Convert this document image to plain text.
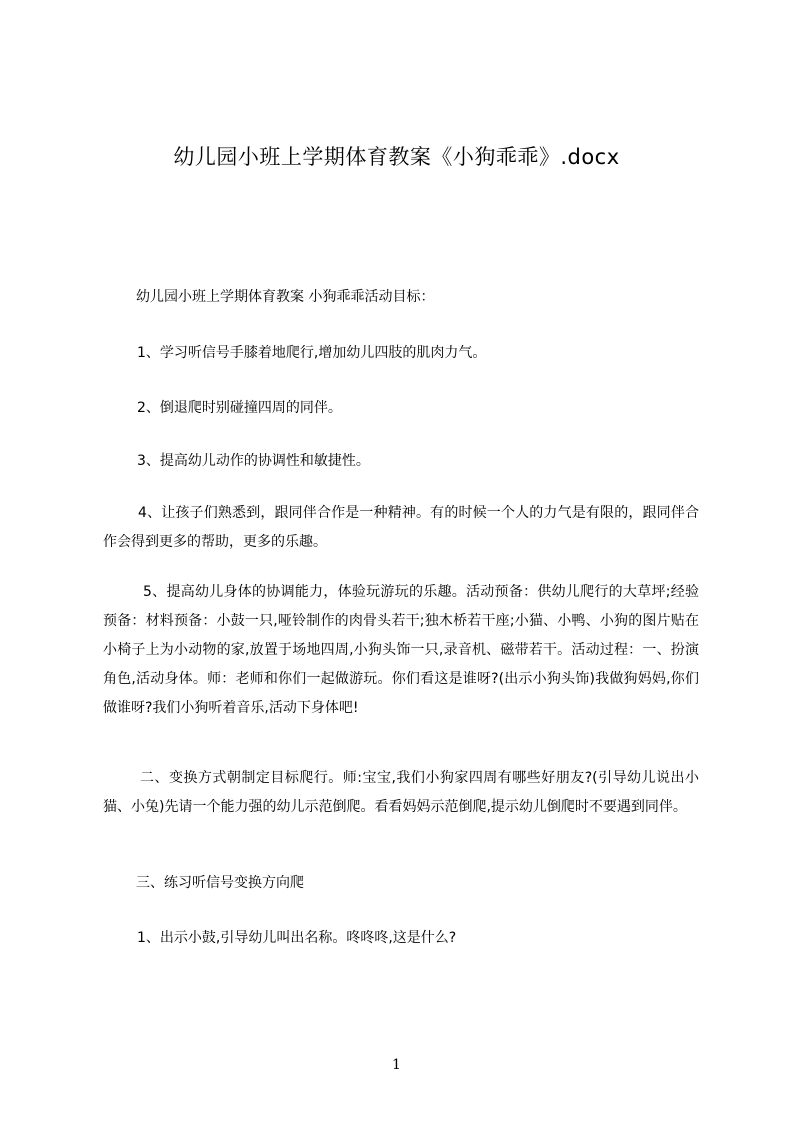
幼儿园小班上学期体育教案《小狗乖乖》.docx

幼儿园小班上学期体育教案 小狗乖乖活动目标：

1、学习听信号手膝着地爬行,增加幼儿四肢的肌肉力气。

2、倒退爬时别碰撞四周的同伴。

3、提高幼儿动作的协调性和敏捷性。

4、让孩子们熟悉到，跟同伴合作是一种精神。有的时候一个人的力气是有限的，跟同伴合作会得到更多的帮助，更多的乐趣。

5、提高幼儿身体的协调能力，体验玩游玩的乐趣。活动预备：供幼儿爬行的大草坪;经验预备：材料预备：小鼓一只,哑铃制作的肉骨头若干;独木桥若干座;小猫、小鸭、小狗的图片贴在小椅子上为小动物的家,放置于场地四周,小狗头饰一只,录音机、磁带若干。活动过程：一、扮演角色,活动身体。师：老师和你们一起做游玩。你们看这是谁呀?(出示小狗头饰)我做狗妈妈,你们做谁呀?我们小狗听着音乐,活动下身体吧!

二、变换方式朝制定目标爬行。师:宝宝,我们小狗家四周有哪些好朋友?(引导幼儿说出小猫、小兔)先请一个能力强的幼儿示范倒爬。看看妈妈示范倒爬,提示幼儿倒爬时不要遇到同伴。

三、练习听信号变换方向爬

1、出示小鼓,引导幼儿叫出名称。咚咚咚,这是什么?

1
